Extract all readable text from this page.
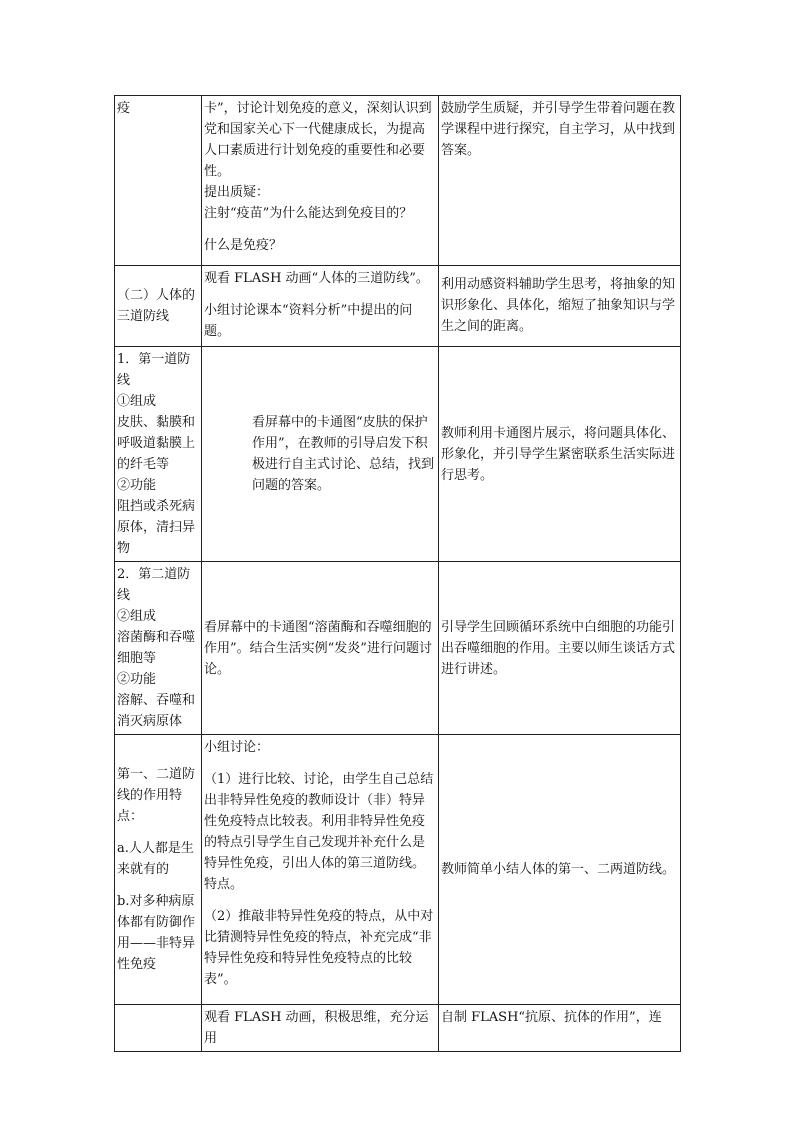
疫	卡”，讨论计划免疫的意义，深刻认识到党和国家关心下一代健康成长，为提高人口素质进行计划免疫的重要性和必要性。
提出质疑：
注射“疫苗”为什么能达到免疫目的？
什么是免疫？	鼓励学生质疑，并引导学生带着问题在教学课程中进行探究，自主学习，从中找到答案。

（二）人体的三道防线	观看 FLASH 动画“人体的三道防线”。
小组讨论课本“资料分析”中提出的问题。	利用动感资料辅助学生思考，将抽象的知识形象化、具体化，缩短了抽象知识与学生之间的距离。

1．第一道防线
①组成
皮肤、黏膜和呼吸道黏膜上的纤毛等
②功能
阻挡或杀死病原体，清扫异物	看屏幕中的卡通图“皮肤的保护作用”，在教师的引导启发下积极进行自主式讨论、总结，找到问题的答案。	教师利用卡通图片展示，将问题具体化、形象化，并引导学生紧密联系生活实际进行思考。

2．第二道防线
②组成
溶菌酶和吞噬细胞等
②功能
溶解、吞噬和消灭病原体	看屏幕中的卡通图“溶菌酶和吞噬细胞的作用”。结合生活实例“发炎”进行问题讨论。	引导学生回顾循环系统中白细胞的功能引出吞噬细胞的作用。主要以师生谈话方式进行讲述。

第一、二道防线的作用特点：
a.人人都是生来就有的
b.对多种病原体都有防御作用——非特异性免疫	小组讨论：
（1）进行比较、讨论，由学生自己总结出非特异性免疫的教师设计（非）特异性免疫特点比较表。利用非特异性免疫的特点引导学生自己发现并补充什么是特异性免疫，引出人体的第三道防线。特点。
（2）推敲非特异性免疫的特点，从中对比猜测特异性免疫的特点，补充完成“非特异性免疫和特异性免疫特点的比较表”。	教师简单小结人体的第一、二两道防线。

	观看 FLASH 动画，积极思维，充分运用	自制 FLASH“抗原、抗体的作用”，连
